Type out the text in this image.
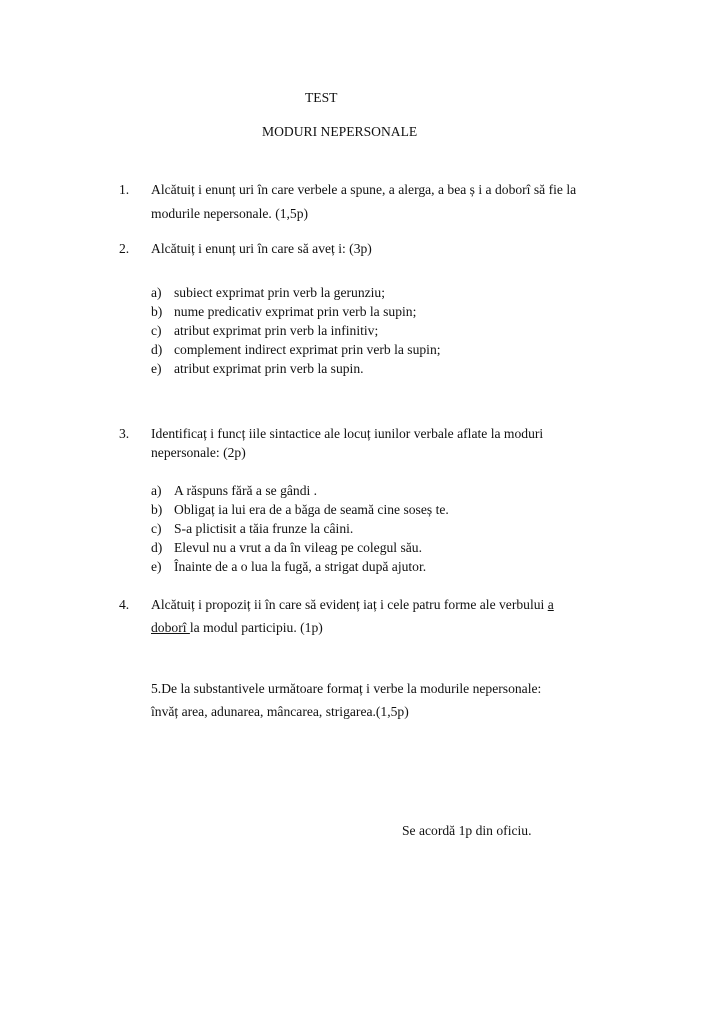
TEST
MODURI NEPERSONALE
1. Alcătuiț i enunț uri în care verbele a spune, a alerga, a bea ș i a doborî să fie la
modurile nepersonale. (1,5p)
2. Alcătuiț i enunț uri în care să aveț i: (3p)
a) subiect exprimat prin verb la gerunziu;
b) nume predicativ exprimat prin verb la supin;
c) atribut exprimat prin verb la infinitiv;
d) complement indirect exprimat prin verb la supin;
e) atribut exprimat prin verb la supin.
3. Identificaț i funcț iile sintactice ale locuț iunilor verbale aflate la moduri
nepersonale: (2p)
a) A răspuns fără a se gândi .
b) Obligaț ia lui era de a băga de seamă cine soseș te.
c) S-a plictisit a tăia frunze la câini.
d) Elevul nu a vrut a da în vileag pe colegul său.
e) Înainte de a o lua la fugă, a strigat după ajutor.
4. Alcătuiț i propoziț ii în care să evidenț iaț i cele patru forme ale verbului a
doborî la modul participiu. (1p)
5.De la substantivele următoare formaț i verbe la modurile nepersonale:
învăț area, adunarea, mâncarea, strigarea.(1,5p)
Se acordă 1p din oficiu.
